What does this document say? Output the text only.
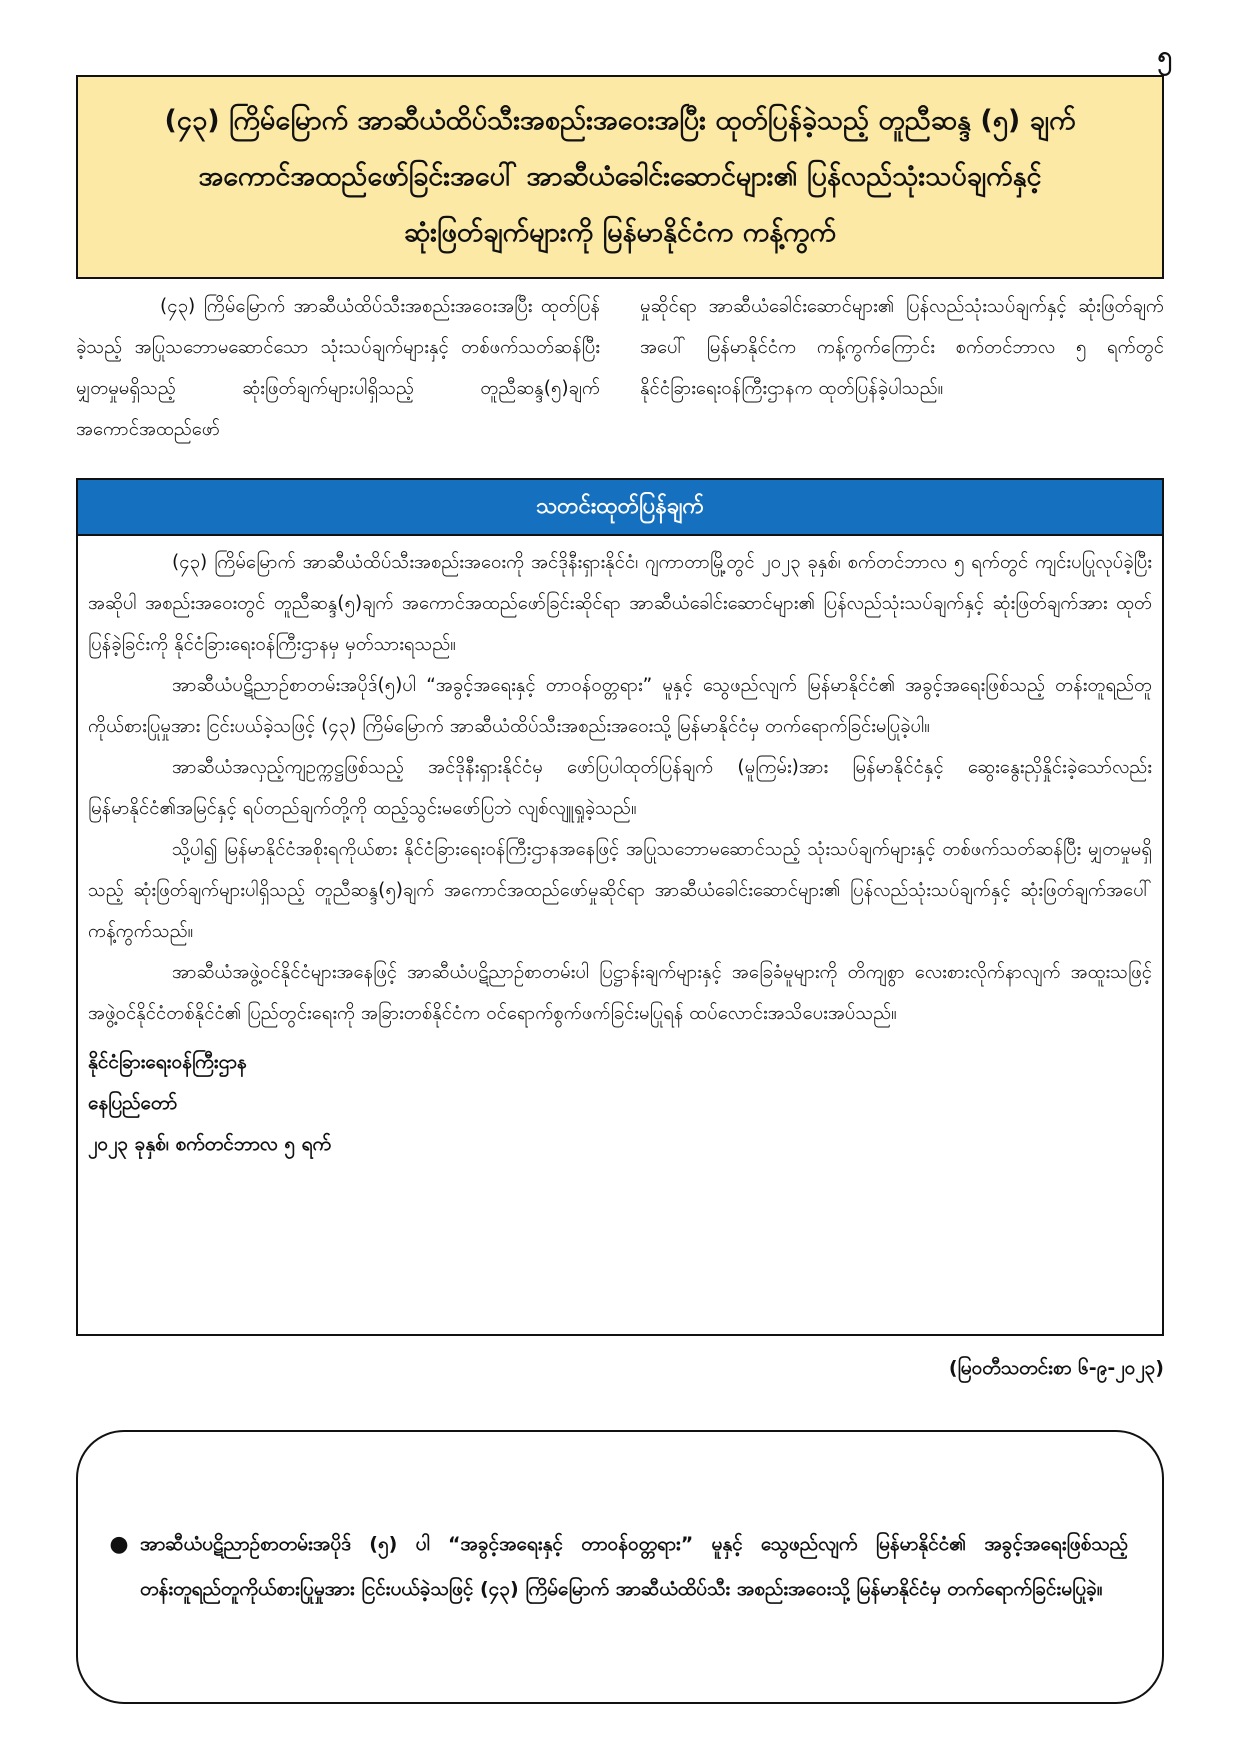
၅
(၄၃) ကြိမ်မြောက် အာဆီယံထိပ်သီးအစည်းအဝေးအပြီး ထုတ်ပြန်ခဲ့သည့် တူညီဆန္ဒ (၅) ချက်
အကောင်အထည်ဖော်ခြင်းအပေါ် အာဆီယံခေါင်းဆောင်များ၏ ပြန်လည်သုံးသပ်ချက်နှင့်
ဆုံးဖြတ်ချက်များကို မြန်မာနိုင်ငံက ကန့်ကွက်
(၄၃) ကြိမ်မြောက် အာဆီယံထိပ်သီးအစည်းအဝေးအပြီး ထုတ်ပြန်ခဲ့သည့် အပြုသဘောမဆောင်သော သုံးသပ်ချက်များနှင့် တစ်ဖက်သတ်ဆန်ပြီး မျှတမှုမရှိသည့် ဆုံးဖြတ်ချက်များပါရှိသည့် တူညီဆန္ဒ(၅)ချက် အကောင်အထည်ဖော်
မှုဆိုင်ရာ အာဆီယံခေါင်းဆောင်များ၏ ပြန်လည်သုံးသပ်ချက်နှင့် ဆုံးဖြတ်ချက်အပေါ် မြန်မာနိုင်ငံက ကန့်ကွက်ကြောင်း စက်တင်ဘာလ ၅ ရက်တွင် နိုင်ငံခြားရေးဝန်ကြီးဌာနက ထုတ်ပြန်ခဲ့ပါသည်။
သတင်းထုတ်ပြန်ချက်

(၄၃) ကြိမ်မြောက် အာဆီယံထိပ်သီးအစည်းအဝေးကို အင်ဒိုနီးရှားနိုင်ငံ၊ ဂျကာတာမြို့တွင် ၂၀၂၃ ခုနှစ်၊ စက်တင်ဘာလ ၅ ရက်တွင် ကျင်းပပြုလုပ်ခဲ့ပြီး အဆိုပါ အစည်းအဝေးတွင် တူညီဆန္ဒ(၅)ချက် အကောင်အထည်ဖော်ခြင်းဆိုင်ရာ အာဆီယံခေါင်းဆောင်များ၏ ပြန်လည်သုံးသပ်ချက်နှင့် ဆုံးဖြတ်ချက်အား ထုတ်ပြန်ခဲ့ခြင်းကို နိုင်ငံခြားရေးဝန်ကြီးဌာနမှ မှတ်သားရသည်။

အာဆီယံပဋိညာဉ်စာတမ်းအပိုဒ်(၅)ပါ “အခွင့်အရေးနှင့် တာဝန်ဝတ္တရား” မူနှင့် သွေဖည်လျက် မြန်မာနိုင်ငံ၏ အခွင့်အရေးဖြစ်သည့် တန်းတူရည်တူကိုယ်စားပြုမှုအား ငြင်းပယ်ခဲ့သဖြင့် (၄၃) ကြိမ်မြောက် အာဆီယံထိပ်သီးအစည်းအဝေးသို့ မြန်မာနိုင်ငံမှ တက်ရောက်ခြင်းမပြုခဲ့ပါ။

အာဆီယံအလှည့်ကျဥက္ကဋ္ဌဖြစ်သည့် အင်ဒိုနီးရှားနိုင်ငံမှ ဖော်ပြပါထုတ်ပြန်ချက် (မူကြမ်း)အား မြန်မာနိုင်ငံနှင့် ဆွေးနွေးညှိနှိုင်းခဲ့သော်လည်း မြန်မာနိုင်ငံ၏အမြင်နှင့် ရပ်တည်ချက်တို့ကို ထည့်သွင်းမဖော်ပြဘဲ လျစ်လျူရှုခဲ့သည်။

သို့ပါ၍ မြန်မာနိုင်ငံအစိုးရကိုယ်စား နိုင်ငံခြားရေးဝန်ကြီးဌာနအနေဖြင့် အပြုသဘောမဆောင်သည့် သုံးသပ်ချက်များနှင့် တစ်ဖက်သတ်ဆန်ပြီး မျှတမှုမရှိသည့် ဆုံးဖြတ်ချက်များပါရှိသည့် တူညီဆန္ဒ(၅)ချက် အကောင်အထည်ဖော်မှုဆိုင်ရာ အာဆီယံခေါင်းဆောင်များ၏ ပြန်လည်သုံးသပ်ချက်နှင့် ဆုံးဖြတ်ချက်အပေါ် ကန့်ကွက်သည်။

အာဆီယံအဖွဲ့ဝင်နိုင်ငံများအနေဖြင့် အာဆီယံပဋိညာဉ်စာတမ်းပါ ပြဋ္ဌာန်းချက်များနှင့် အခြေခံမူများကို တိကျစွာ လေးစားလိုက်နာလျက် အထူးသဖြင့် အဖွဲ့ဝင်နိုင်ငံတစ်နိုင်ငံ၏ ပြည်တွင်းရေးကို အခြားတစ်နိုင်ငံက ဝင်ရောက်စွက်ဖက်ခြင်းမပြုရန် ထပ်လောင်းအသိပေးအပ်သည်။

နိုင်ငံခြားရေးဝန်ကြီးဌာန
နေပြည်တော်
၂၀၂၃ ခုနှစ်၊ စက်တင်ဘာလ ၅ ရက်
(မြဝတီသတင်းစာ ၆-၉-၂၀၂၃)
● အာဆီယံပဋိညာဉ်စာတမ်းအပိုဒ် (၅) ပါ “အခွင့်အရေးနှင့် တာဝန်ဝတ္တရား” မူနှင့် သွေဖည်လျက် မြန်မာနိုင်ငံ၏ အခွင့်အရေးဖြစ်သည့် တန်းတူရည်တူကိုယ်စားပြုမှုအား ငြင်းပယ်ခဲ့သဖြင့် (၄၃) ကြိမ်မြောက် အာဆီယံထိပ်သီး အစည်းအဝေးသို့ မြန်မာနိုင်ငံမှ တက်ရောက်ခြင်းမပြုခဲ့။
